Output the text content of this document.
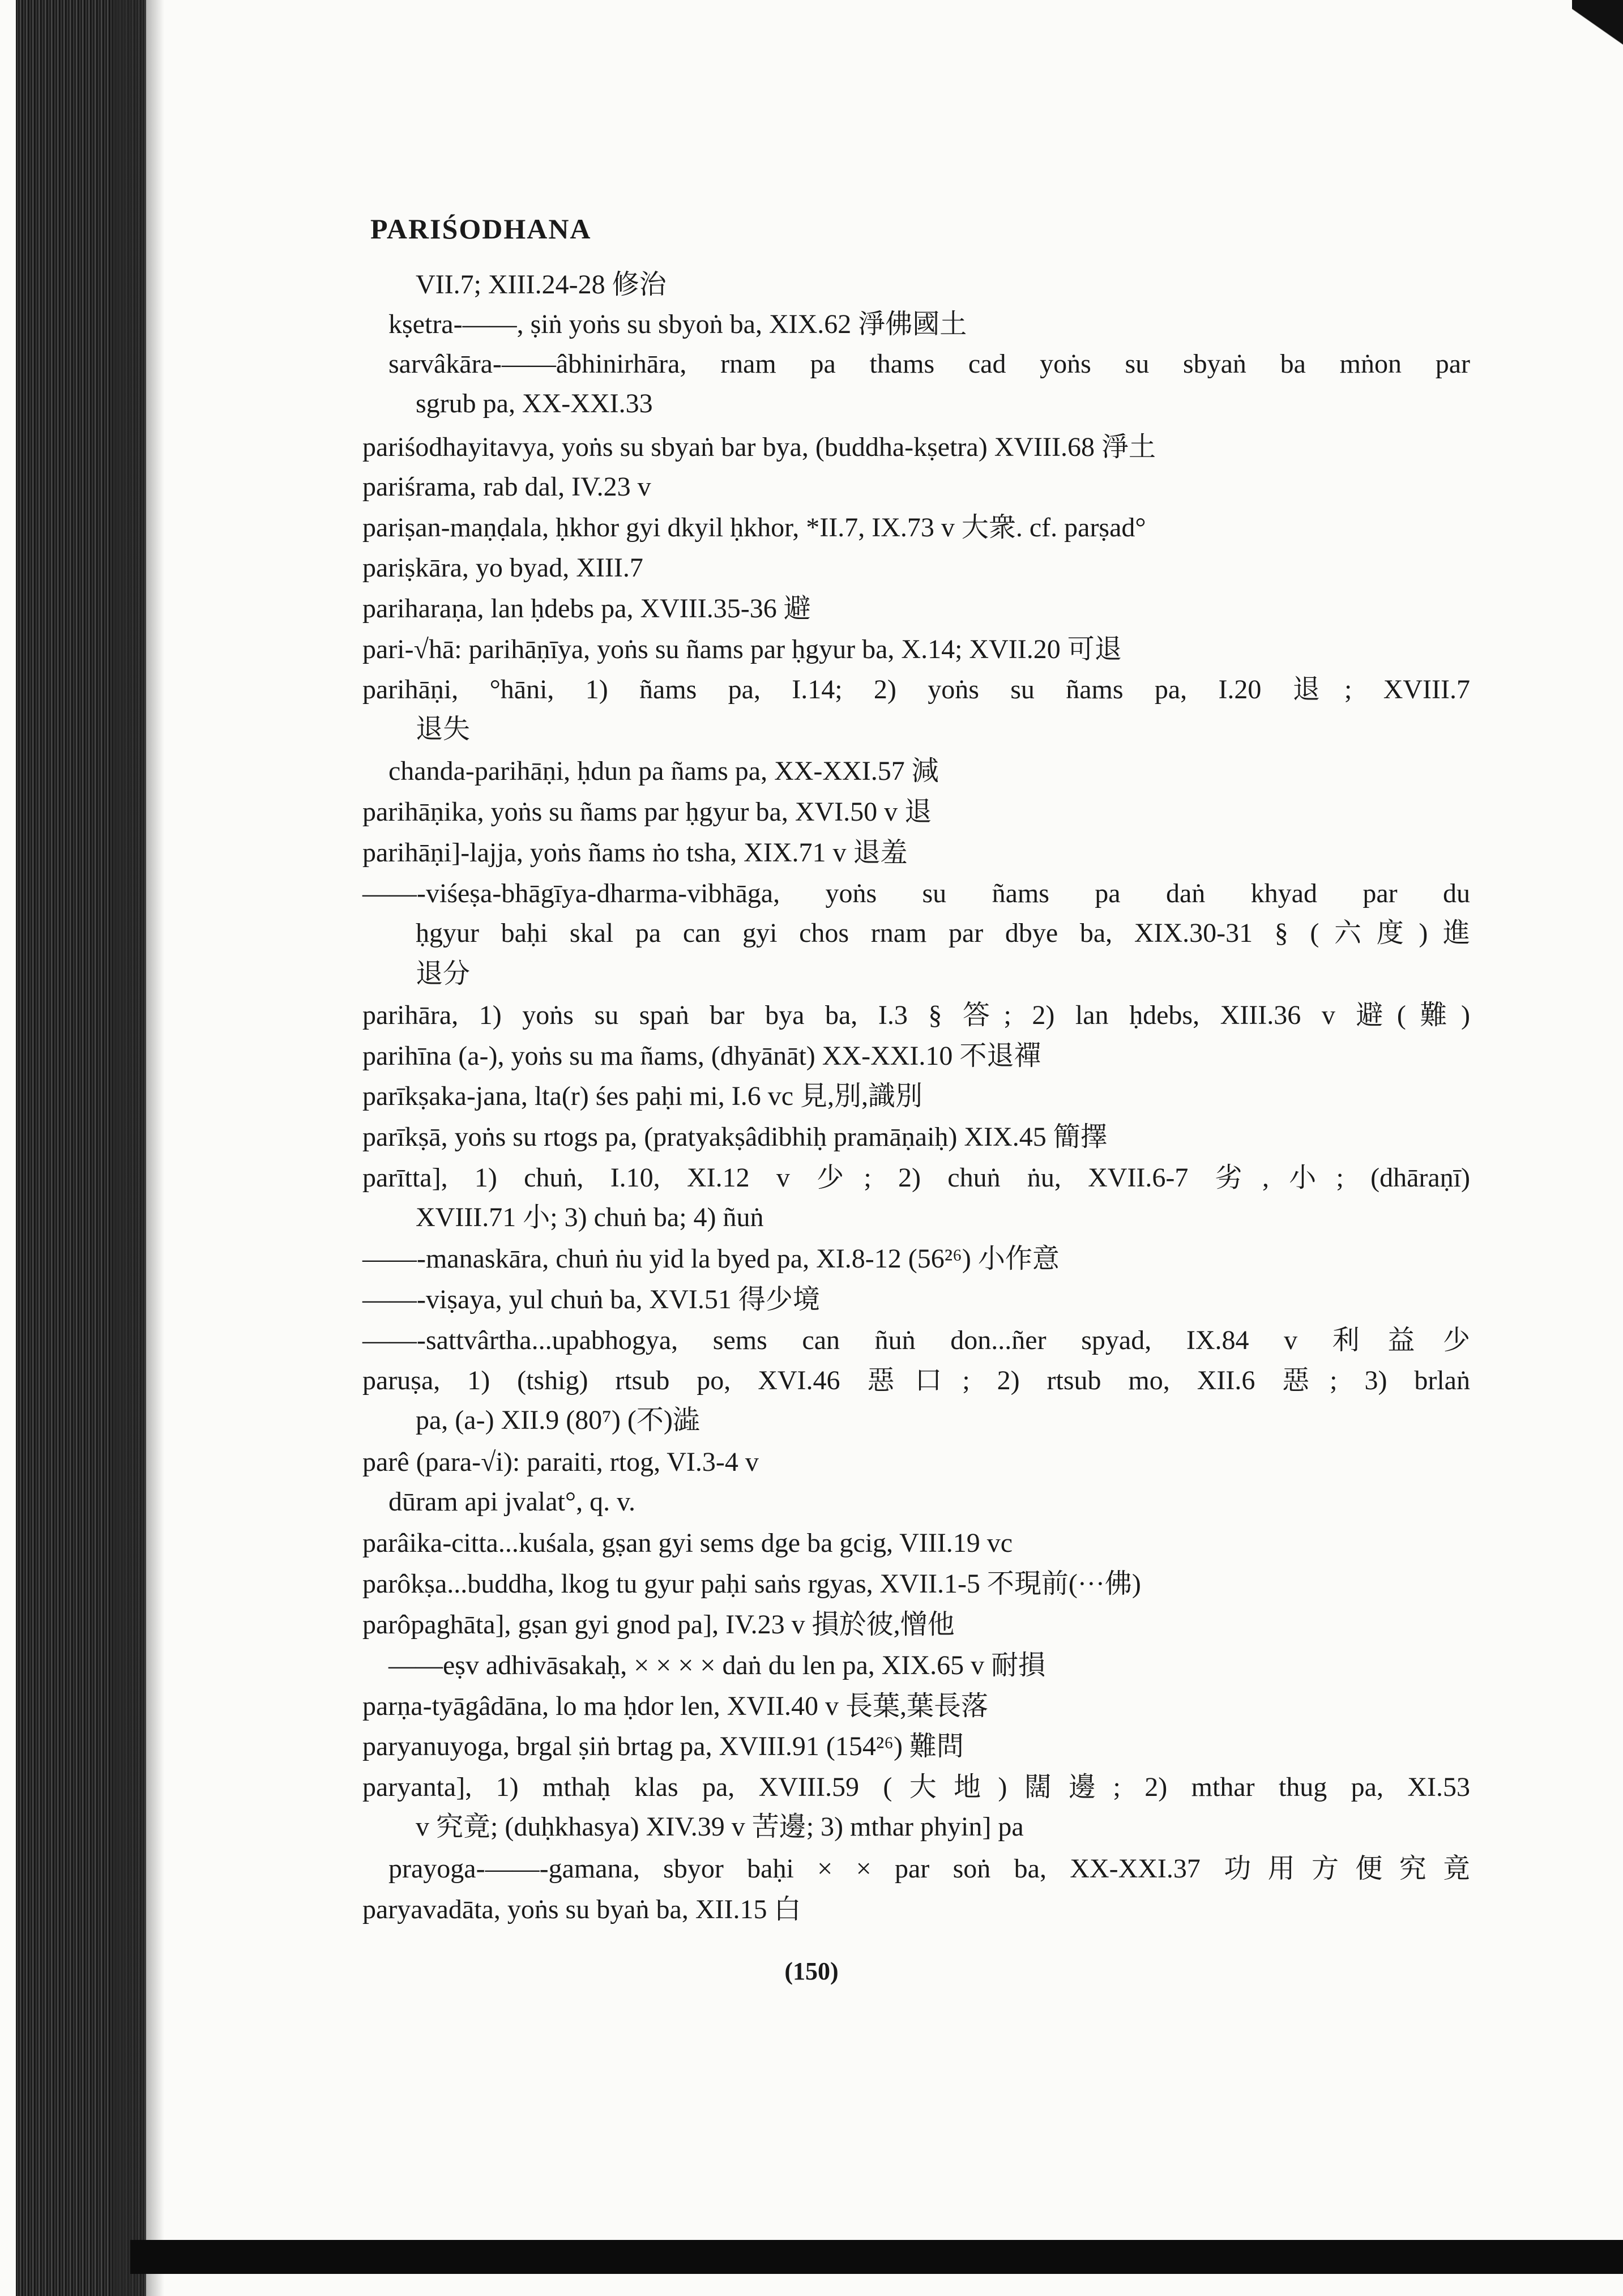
PARIŚODHANA
VII.7; XIII.24-28 修治
kṣetra-——, ṣiṅ yoṅs su sbyoṅ ba, XIX.62 淨佛國土
sarvâkāra-——âbhinirhāra, rnam pa thams cad yoṅs su sbyaṅ ba mṅon par
sgrub pa, XX-XXI.33
pariśodhayitavya, yoṅs su sbyaṅ bar bya, (buddha-kṣetra) XVIII.68 淨土
pariśrama, rab dal, IV.23 v
pariṣan-maṇḍala, ḥkhor gyi dkyil ḥkhor, *II.7, IX.73 v 大衆. cf. parṣad°
pariṣkāra, yo byad, XIII.7
pariharaṇa, lan ḥdebs pa, XVIII.35-36 避
pari-√hā: parihāṇīya, yoṅs su ñams par ḥgyur ba, X.14; XVII.20 可退
parihāṇi, °hāni, 1) ñams pa, I.14; 2) yoṅs su ñams pa, I.20 退; XVIII.7
退失
chanda-parihāṇi, ḥdun pa ñams pa, XX-XXI.57 減
parihāṇika, yoṅs su ñams par ḥgyur ba, XVI.50 v 退
parihāṇi]-lajja, yoṅs ñams ṅo tsha, XIX.71 v 退羞
——-viśeṣa-bhāgīya-dharma-vibhāga, yoṅs su ñams pa daṅ khyad par du
ḥgyur baḥi skal pa can gyi chos rnam par dbye ba, XIX.30-31 § (六度)進
退分
parihāra, 1) yoṅs su spaṅ bar bya ba, I.3 § 答; 2) lan ḥdebs, XIII.36 v 避(難)
parihīna (a-), yoṅs su ma ñams, (dhyānāt) XX-XXI.10 不退禪
parīkṣaka-jana, lta(r) śes paḥi mi, I.6 vc 見,別,識別
parīkṣā, yoṅs su rtogs pa, (pratyakṣâdibhiḥ pramāṇaiḥ) XIX.45 簡擇
parītta], 1) chuṅ, I.10, XI.12 v 少; 2) chuṅ ṅu, XVII.6-7 劣,小; (dhāraṇī)
XVIII.71 小; 3) chuṅ ba; 4) ñuṅ
——-manaskāra, chuṅ ṅu yid la byed pa, XI.8-12 (56²⁶) 小作意
——-viṣaya, yul chuṅ ba, XVI.51 得少境
——-sattvârtha...upabhogya, sems can ñuṅ don...ñer spyad, IX.84 v 利益少
paruṣa, 1) (tshig) rtsub po, XVI.46 惡口; 2) rtsub mo, XII.6 惡; 3) brlaṅ
pa, (a-) XII.9 (80⁷) (不)澁
parê (para-√i): paraiti, rtog, VI.3-4 v
dūram api jvalat°, q. v.
parâika-citta...kuśala, gṣan gyi sems dge ba gcig, VIII.19 vc
parôkṣa...buddha, lkog tu gyur paḥi saṅs rgyas, XVII.1-5 不現前(···佛)
parôpaghāta], gṣan gyi gnod pa], IV.23 v 損於彼,憎他
——eṣv adhivāsakaḥ, × × × × daṅ du len pa, XIX.65 v 耐損
parṇa-tyāgâdāna, lo ma ḥdor len, XVII.40 v 長葉,葉長落
paryanuyoga, brgal ṣiṅ brtag pa, XVIII.91 (154²⁶) 難問
paryanta], 1) mthaḥ klas pa, XVIII.59 (大地)闊邊; 2) mthar thug pa, XI.53
v 究竟; (duḥkhasya) XIV.39 v 苦邊; 3) mthar phyin] pa
prayoga-——-gamana, sbyor baḥi × × par soṅ ba, XX-XXI.37 功用方便究竟
paryavadāta, yoṅs su byaṅ ba, XII.15 白
(150)
